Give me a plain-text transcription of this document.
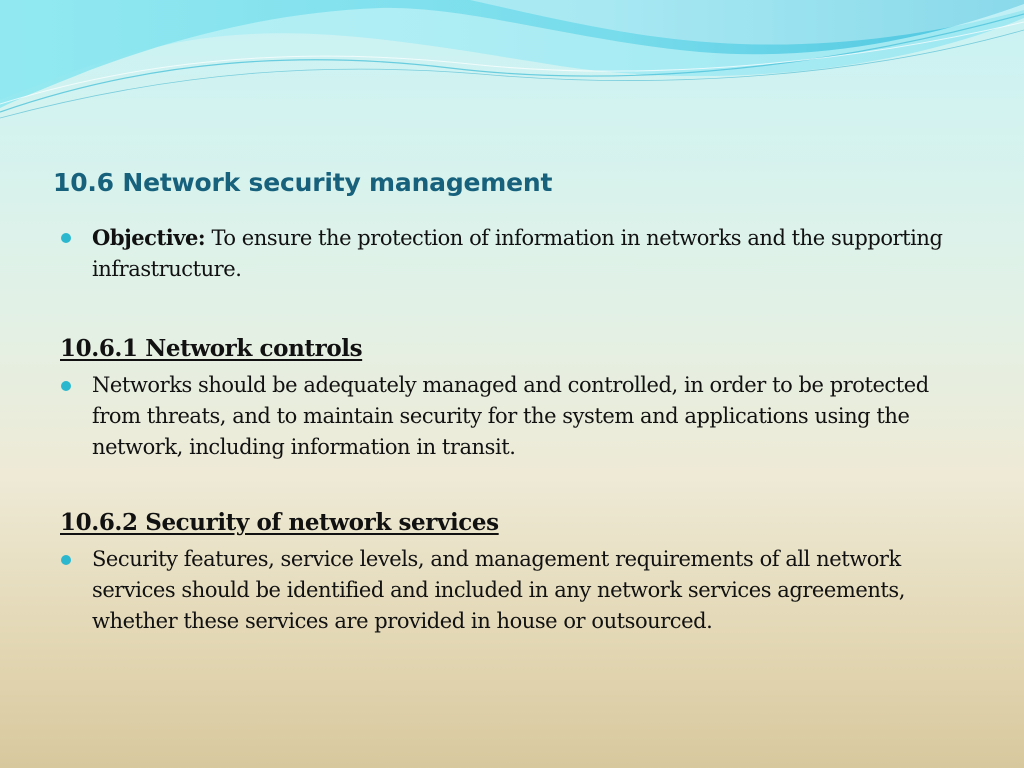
10.6 Network security management
Objective: To ensure the protection of information in networks and the supporting infrastructure.
10.6.1 Network controls
Networks should be adequately managed and controlled, in order to be protected from threats, and to maintain security for the system and applications using the network, including information in transit.
10.6.2 Security of network services
Security features, service levels, and management requirements of all network services should be identified and included in any network services agreements, whether these services are provided in house or outsourced.
